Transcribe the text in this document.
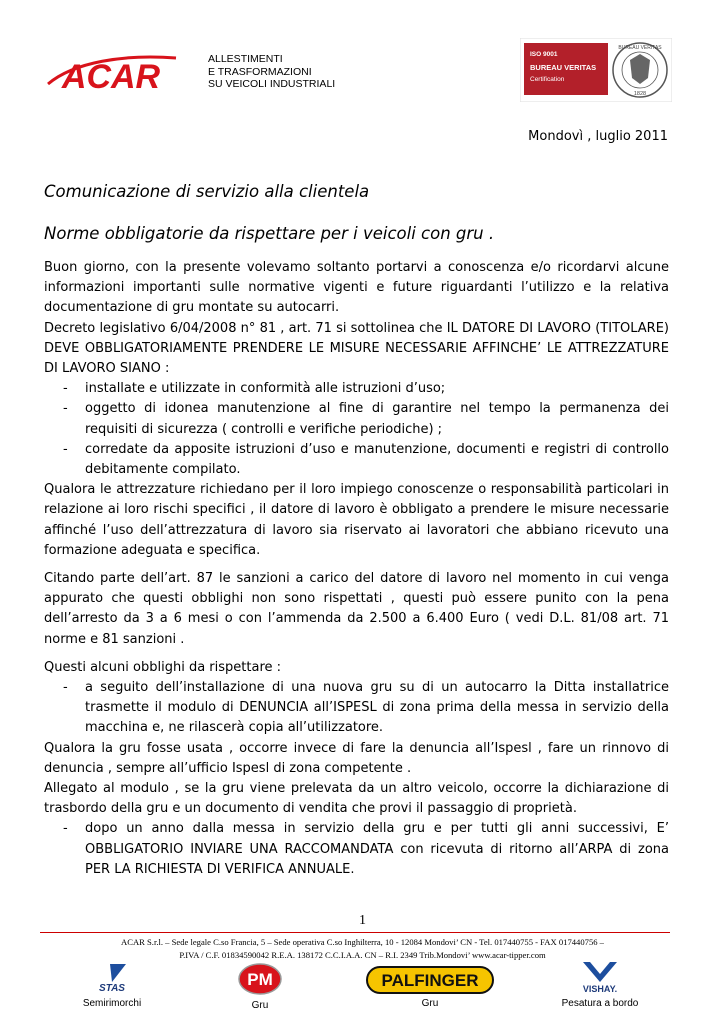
ACAR	ALLESTIMENTI
E TRASFORMAZIONI
SU VEICOLI INDUSTRIALI
ISO 9001
BUREAU VERITAS
Certification
BUREAU VERITAS
1828
Mondovì , luglio 2011
Comunicazione di servizio alla clientela
Norme obbligatorie da rispettare per i veicoli con gru .

Buon giorno, con la presente volevamo soltanto portarvi a conoscenza e/o ricordarvi alcune informazioni importanti sulle normative vigenti e future riguardanti l’utilizzo e la relativa documentazione di gru montate su autocarri.

Decreto legislativo 6/04/2008 n° 81 , art. 71 si sottolinea che IL DATORE DI LAVORO (TITOLARE) DEVE OBBLIGATORIAMENTE PRENDERE LE MISURE NECESSARIE AFFINCHE’ LE ATTREZZATURE DI LAVORO SIANO :

- installate e utilizzate in conformità alle istruzioni d’uso;
- oggetto di idonea manutenzione al fine di garantire nel tempo la permanenza dei requisiti di sicurezza ( controlli e verifiche periodiche) ;
- corredate da apposite istruzioni d’uso e manutenzione, documenti e registri di controllo debitamente compilato.

Qualora le attrezzature richiedano per il loro impiego conoscenze o responsabilità particolari in relazione ai loro rischi specifici , il datore di lavoro è obbligato a prendere le misure necessarie affinché l’uso dell’attrezzatura di lavoro sia riservato ai lavoratori che abbiano ricevuto una formazione adeguata e specifica.

Citando parte dell’art. 87 le sanzioni a carico del datore di lavoro nel momento in cui venga appurato che questi obblighi non sono rispettati , questi può essere punito con la pena dell’arresto da 3 a 6 mesi o con l’ammenda da 2.500 a 6.400 Euro ( vedi D.L. 81/08 art. 71 norme e 81 sanzioni .

Questi alcuni obblighi da rispettare :

- a seguito dell’installazione di una nuova gru su di un autocarro la Ditta installatrice trasmette il modulo di DENUNCIA all’ISPESL di zona prima della messa in servizio della macchina e, ne rilascerà copia all’utilizzatore.

Qualora la gru fosse usata , occorre invece di fare la denuncia all’Ispesl , fare un rinnovo di denuncia , sempre all’ufficio Ispesl di zona competente .

Allegato al modulo , se la gru viene prelevata da un altro veicolo, occorre la dichiarazione di trasbordo della gru e un documento di vendita che provi il passaggio di proprietà.

- dopo un anno dalla messa in servizio della gru e per tutti gli anni successivi, E’ OBBLIGATORIO INVIARE UNA RACCOMANDATA con ricevuta di ritorno all’ARPA di zona PER LA RICHIESTA DI VERIFICA ANNUALE.
1
ACAR S.r.l. – Sede legale C.so Francia, 5 – Sede operativa C.so Inghilterra, 10 - 12084 Mondovi’ CN - Tel. 017440755 - FAX 017440756 –
P.IVA / C.F. 01834590042 R.E.A. 138172 C.C.I.A.A. CN – R.I. 2349 Trib.Mondovi’ www.acar-tipper.com
STAS
Semirimorchi
PM
Gru
PALFINGER
Gru
VISHAY.
Pesatura a bordo
